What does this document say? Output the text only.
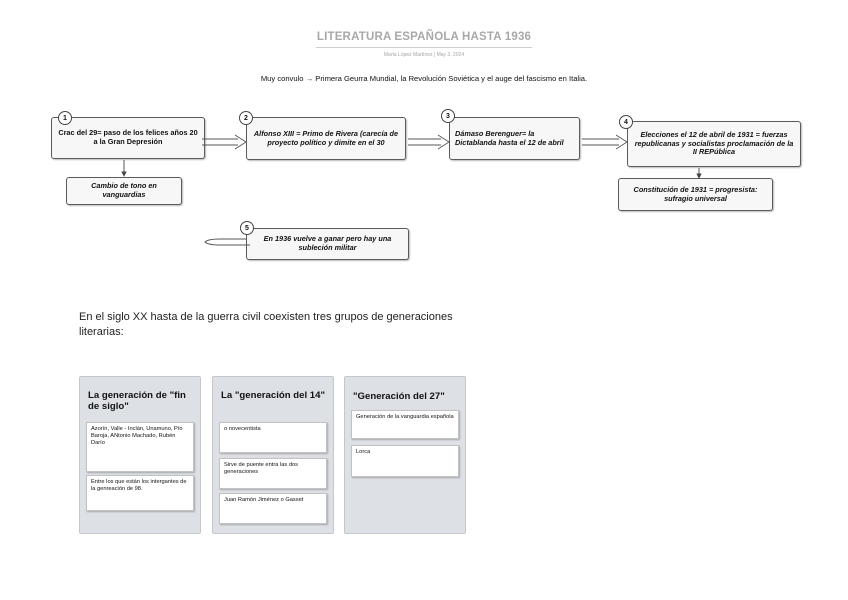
LITERATURA ESPAÑOLA HASTA 1936
Marta López Martínez | May 3, 2024
Muy convulo → Primera Geurra Mundial, la Revolución Soviética y el auge del fascismo en Italia.
Crac del 29= paso de los felices años 20 a la Gran Depresión
1
Alfonso XIII = Primo de Rivera (carecía de proyecto político y dimite en el 30
2
Dámaso Berenguer= la Dictablanda hasta el 12 de abril
3
Elecciones el 12 de abril de 1931 = fuerzas republicanas y socialistas proclamación de la II REPública
4
En 1936 vuelve a ganar pero hay una subleción militar
5
Cambio de tono en vanguardias
Constitución de 1931 = progresista: sufragio universal
En el siglo XX hasta de la guerra civil coexisten tres grupos de generaciones literarias:
La generación de "fin de siglo"
Azorín, Valle - Inclán, Unamuno, Pío Baroja, ANtonio Machado, Rubén Darío
Entre los que están los intergantes de la genreación de 98.
La "generación del 14"
o novecentista
Sirve de puente entra las dos generaciones
Juan Ramón Jiménez o Gasset
"Generación del 27"
Generación de la vanguardia española
Lorca
